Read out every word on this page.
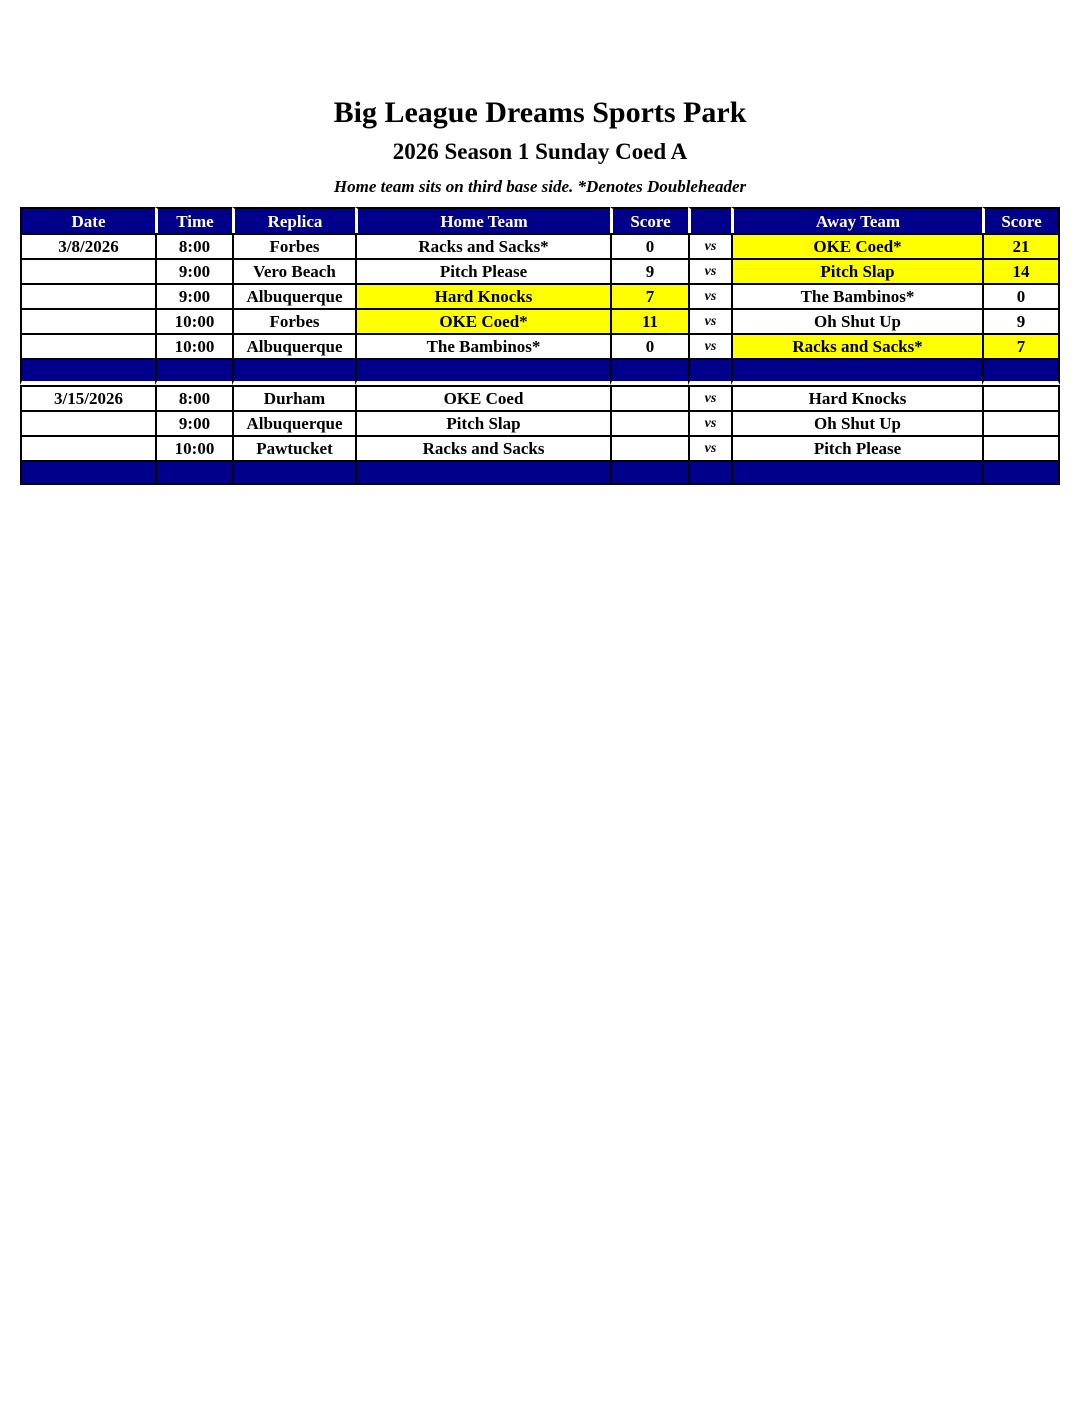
Big League Dreams Sports Park
2026 Season 1 Sunday Coed A

Home team sits on third base side. *Denotes Doubleheader

Date	Time	Replica	Home Team	Score		Away Team	Score
3/8/2026	8:00	Forbes	Racks and Sacks*	0	vs	OKE Coed*	21
	9:00	Vero Beach	Pitch Please	9	vs	Pitch Slap	14
	9:00	Albuquerque	Hard Knocks	7	vs	The Bambinos*	0
	10:00	Forbes	OKE Coed*	11	vs	Oh Shut Up	9
	10:00	Albuquerque	The Bambinos*	0	vs	Racks and Sacks*	7

3/15/2026	8:00	Durham	OKE Coed		vs	Hard Knocks	
	9:00	Albuquerque	Pitch Slap		vs	Oh Shut Up	
	10:00	Pawtucket	Racks and Sacks		vs	Pitch Please	
